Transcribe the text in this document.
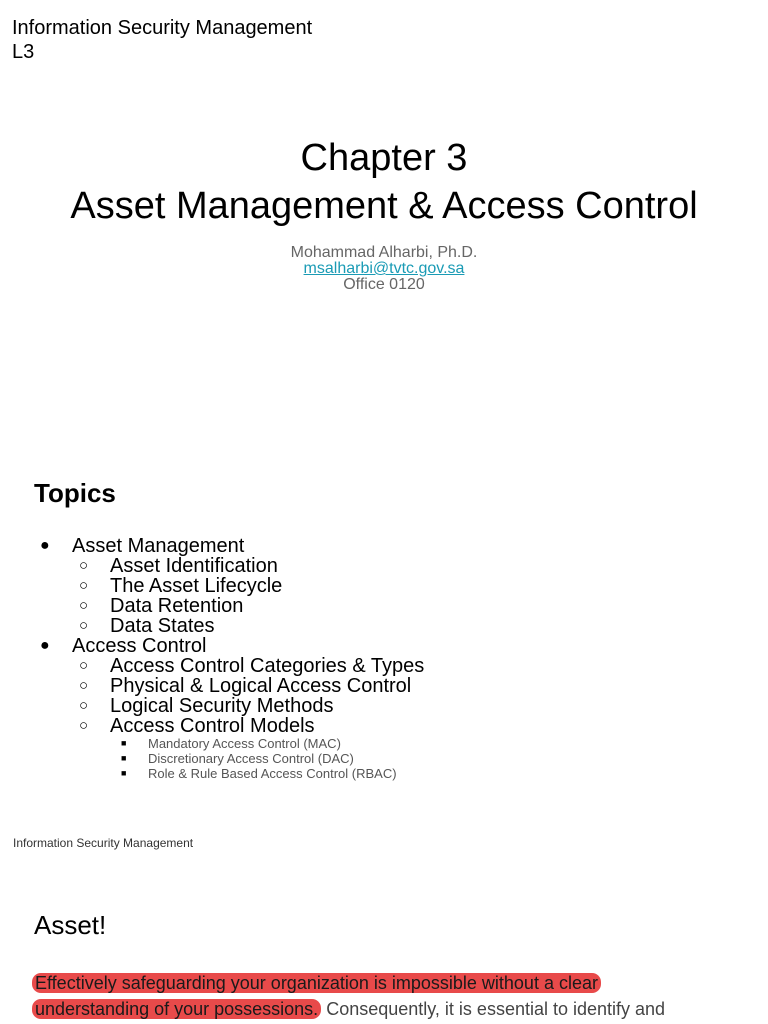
Information Security Management
L3
Chapter 3
Asset Management & Access Control
Mohammad Alharbi, Ph.D.
msalharbi@tvtc.gov.sa
Office 0120
Topics
● Asset Management
○ Asset Identification
○ The Asset Lifecycle
○ Data Retention
○ Data States
● Access Control
○ Access Control Categories & Types
○ Physical & Logical Access Control
○ Logical Security Methods
○ Access Control Models
■ Mandatory Access Control (MAC)
■ Discretionary Access Control (DAC)
■ Role & Rule Based Access Control (RBAC)
Information Security Management
Asset!
Effectively safeguarding your organization is impossible without a clear
understanding of your possessions. Consequently, it is essential to identify and
